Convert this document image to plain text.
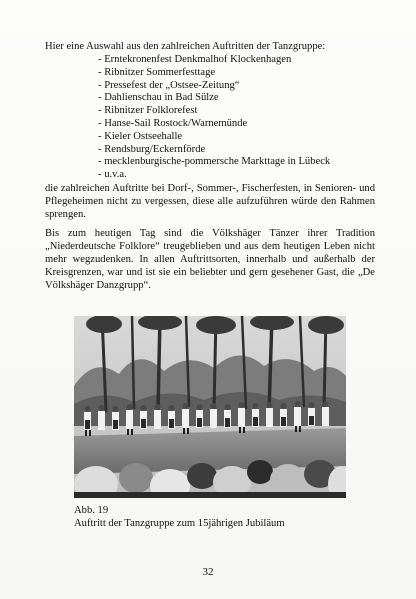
Hier eine Auswahl aus den zahlreichen Auftritten der Tanzgruppe:

- Erntekronenfest Denkmalhof Klockenhagen
- Ribnitzer Sommerfesttage
- Pressefest der „Ostsee-Zeitung“
- Dahlienschau in Bad Sülze
- Ribnitzer Folklorefest
- Hanse-Sail Rostock/Warnemünde
- Kieler Ostseehalle
- Rendsburg/Eckernförde
- mecklenburgische-pommersche Markttage in Lübeck
- u.v.a.

die zahlreichen Auftritte bei Dorf-, Sommer-, Fischerfesten, in Senioren- und Pflegeheimen nicht zu vergessen, diese alle aufzuführen würde den Rahmen sprengen.

Bis zum heutigen Tag sind die Völkshäger Tänzer ihrer Tradition „Niederdeutsche Folklore“ treugeblieben und aus dem heutigen Leben nicht mehr wegzudenken. In allen Auftrittsorten, innerhalb und außerhalb der Kreisgrenzen, war und ist sie ein beliebter und gern gesehener Gast, die „De Völkshäger Danzgrupp“.

Abb. 19

Auftritt der Tanzgruppe zum 15jährigen Jubiläum

32
